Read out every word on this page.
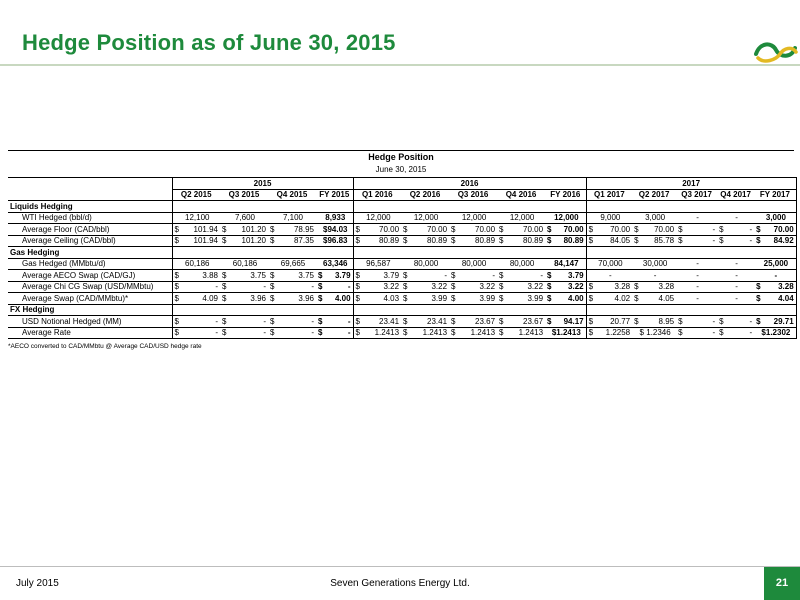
Hedge Position as of June 30, 2015
Hedge Position
June 30, 2015
	2015				2016					2017				
	Q2 2015	Q3 2015	Q4 2015	FY 2015	Q1 2016	Q2 2016	Q3 2016	Q4 2016	FY 2016	Q1 2017	Q2 2017	Q3 2017	Q4 2017	FY 2017
Liquids Hedging														
WTI Hedged (bbl/d)	12,100	7,600	7,100	8,933	12,000	12,000	12,000	12,000	12,000	9,000	3,000	-	-	3,000

Average Floor (CAD/bbl)	$ 101.94	$ 101.20	$ 78.95	$94.03	$ 70.00	$ 70.00	$ 70.00	$ 70.00	$ 70.00	$ 70.00	$ 70.00	$ -	$ -	$ 70.00

Average Ceiling (CAD/bbl)	$ 101.94	$ 101.20	$ 87.35	$96.83	$ 80.89	$ 80.89	$ 80.89	$ 80.89	$ 80.89	$ 84.05	$ 85.78	$ -	$ -	$ 84.92

Gas Hedging														
Gas Hedged (MMbtu/d)	60,186	60,186	69,665	63,346	96,587	80,000	80,000	80,000	84,147	70,000	30,000	-	-	25,000

Average AECO Swap (CAD/GJ)	$ 3.88	$ 3.75	$ 3.75	$ 3.79	$ 3.79	$ -	$ -	$ -	$ 3.79	-	-	-	-	-

Average Chi CG Swap (USD/MMbtu)	$ -	$ -	$ -	$ -	$ 3.22	$ 3.22	$ 3.22	$ 3.22	$ 3.22	$ 3.28	$ 3.28	-	-	$ 3.28

Average Swap (CAD/MMbtu)*	$ 4.09	$ 3.96	$ 3.96	$ 4.00	$ 4.03	$ 3.99	$ 3.99	$ 3.99	$ 4.00	$ 4.02	$ 4.05	-	-	$ 4.04

FX Hedging														
USD Notional Hedged (MM)	$ -	$ -	$ -	$ -	$ 23.41	$ 23.41	$ 23.67	$ 23.67	$ 94.17	$ 20.77	$ 8.95	$ -	$ -	$ 29.71

Average Rate	$ -	$ -	$ -	$ -	$ 1.2413	$ 1.2413	$ 1.2413	$ 1.2413	$1.2413	$ 1.2258	$ 1.2346	$ -	$ -	$1.2302
*AECO converted to CAD/MMbtu @ Average CAD/USD hedge rate
July 2015	Seven Generations Energy Ltd.	21
